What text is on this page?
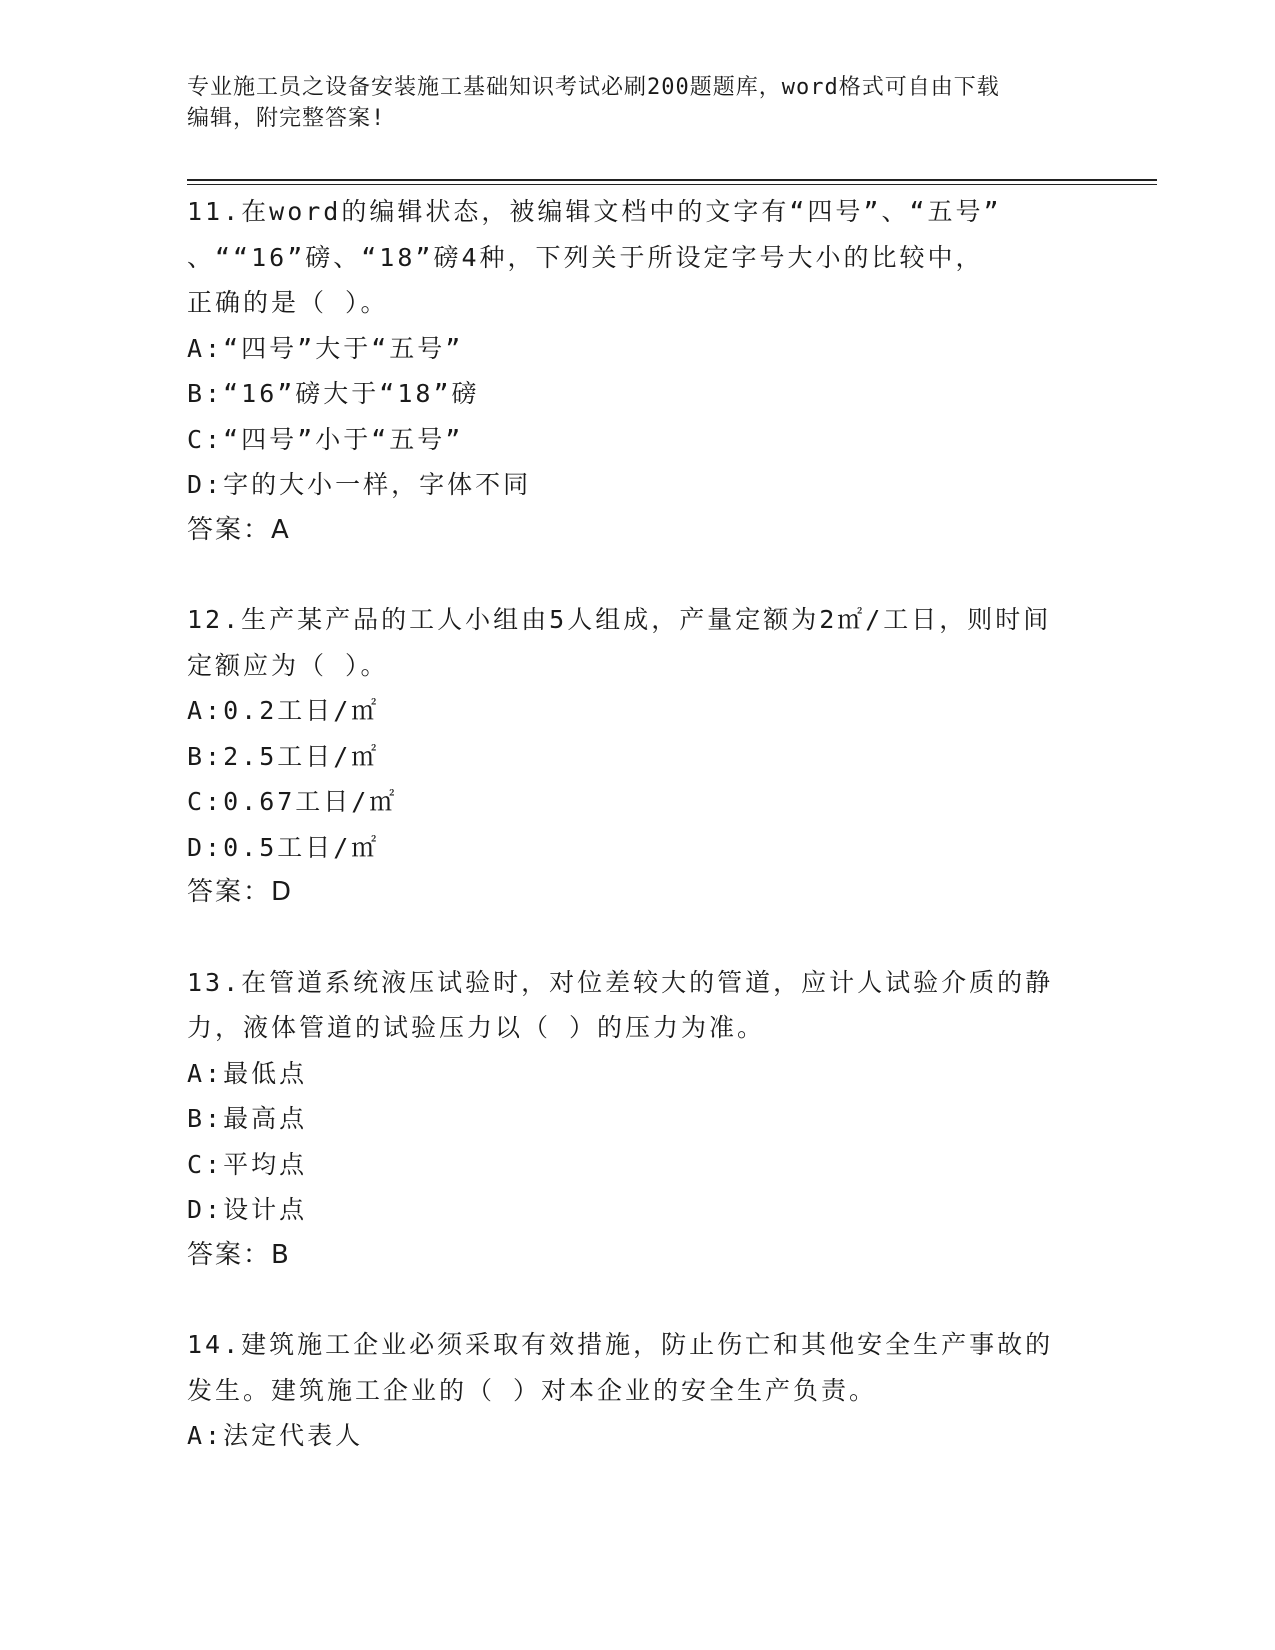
专业施工员之设备安装施工基础知识考试必刷200题题库，word格式可自由下载

编辑，附完整答案!

11.在word的编辑状态，被编辑文档中的文字有“四号”、“五号”

、““16”磅、“18”磅4种，下列关于所设定字号大小的比较中，

正确的是（ ）。

A:“四号”大于“五号”

B:“16”磅大于“18”磅

C:“四号”小于“五号”

D:字的大小一样，字体不同

答案：A

12.生产某产品的工人小组由5人组成，产量定额为2㎡/工日，则时间

定额应为（ ）。

A:0.2工日/㎡

B:2.5工日/㎡

C:0.67工日/㎡

D:0.5工日/㎡

答案：D

13.在管道系统液压试验时，对位差较大的管道，应计人试验介质的静

力，液体管道的试验压力以（ ）的压力为准。

A:最低点

B:最高点

C:平均点

D:设计点

答案：B

14.建筑施工企业必须采取有效措施，防止伤亡和其他安全生产事故的

发生。建筑施工企业的（ ）对本企业的安全生产负责。

A:法定代表人
